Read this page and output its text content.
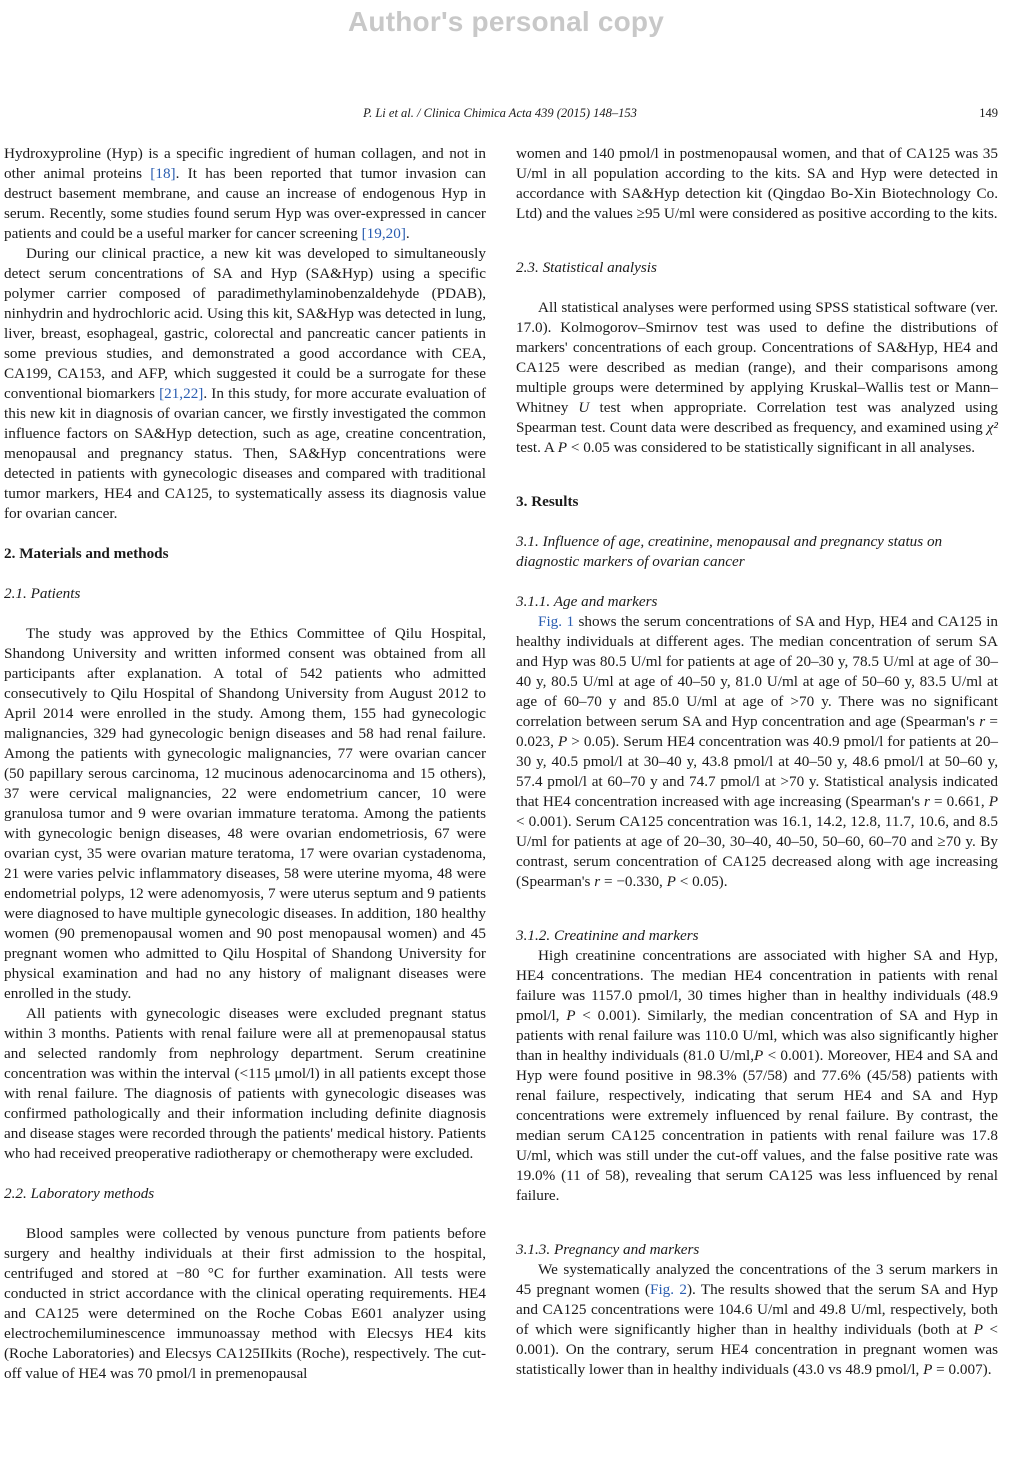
Author's personal copy
P. Li et al. / Clinica Chimica Acta 439 (2015) 148–153	149

Hydroxyproline (Hyp) is a specific ingredient of human collagen, and not in other animal proteins [18]. It has been reported that tumor invasion can destruct basement membrane, and cause an increase of endogenous Hyp in serum. Recently, some studies found serum Hyp was over-expressed in cancer patients and could be a useful marker for cancer screening [19,20].

During our clinical practice, a new kit was developed to simultaneously detect serum concentrations of SA and Hyp (SA&Hyp) using a specific polymer carrier composed of paradimethylaminobenzaldehyde (PDAB), ninhydrin and hydrochloric acid. Using this kit, SA&Hyp was detected in lung, liver, breast, esophageal, gastric, colorectal and pancreatic cancer patients in some previous studies, and demonstrated a good accordance with CEA, CA199, CA153, and AFP, which suggested it could be a surrogate for these conventional biomarkers [21,22]. In this study, for more accurate evaluation of this new kit in diagnosis of ovarian cancer, we firstly investigated the common influence factors on SA&Hyp detection, such as age, creatine concentration, menopausal and pregnancy status. Then, SA&Hyp concentrations were detected in patients with gynecologic diseases and compared with traditional tumor markers, HE4 and CA125, to systematically assess its diagnosis value for ovarian cancer.

2. Materials and methods
2.1. Patients

The study was approved by the Ethics Committee of Qilu Hospital, Shandong University and written informed consent was obtained from all participants after explanation. A total of 542 patients who admitted consecutively to Qilu Hospital of Shandong University from August 2012 to April 2014 were enrolled in the study. Among them, 155 had gynecologic malignancies, 329 had gynecologic benign diseases and 58 had renal failure. Among the patients with gynecologic malignancies, 77 were ovarian cancer (50 papillary serous carcinoma, 12 mucinous adenocarcinoma and 15 others), 37 were cervical malignancies, 22 were endometrium cancer, 10 were granulosa tumor and 9 were ovarian immature teratoma. Among the patients with gynecologic benign diseases, 48 were ovarian endometriosis, 67 were ovarian cyst, 35 were ovarian mature teratoma, 17 were ovarian cystadenoma, 21 were varies pelvic inflammatory diseases, 58 were uterine myoma, 48 were endometrial polyps, 12 were adenomyosis, 7 were uterus septum and 9 patients were diagnosed to have multiple gynecologic diseases. In addition, 180 healthy women (90 premenopausal women and 90 post menopausal women) and 45 pregnant women who admitted to Qilu Hospital of Shandong University for physical examination and had no any history of malignant diseases were enrolled in the study.

All patients with gynecologic diseases were excluded pregnant status within 3 months. Patients with renal failure were all at premenopausal status and selected randomly from nephrology department. Serum creatinine concentration was within the interval (<115 μmol/l) in all patients except those with renal failure. The diagnosis of patients with gynecologic diseases was confirmed pathologically and their information including definite diagnosis and disease stages were recorded through the patients' medical history. Patients who had received preoperative radiotherapy or chemotherapy were excluded.

2.2. Laboratory methods

Blood samples were collected by venous puncture from patients before surgery and healthy individuals at their first admission to the hospital, centrifuged and stored at −80 °C for further examination. All tests were conducted in strict accordance with the clinical operating requirements. HE4 and CA125 were determined on the Roche Cobas E601 analyzer using electrochemiluminescence immunoassay method with Elecsys HE4 kits (Roche Laboratories) and Elecsys CA125IIkits (Roche), respectively. The cut-off value of HE4 was 70 pmol/l in premenopausal

women and 140 pmol/l in postmenopausal women, and that of CA125 was 35 U/ml in all population according to the kits. SA and Hyp were detected in accordance with SA&Hyp detection kit (Qingdao Bo-Xin Biotechnology Co. Ltd) and the values ≥95 U/ml were considered as positive according to the kits.

2.3. Statistical analysis

All statistical analyses were performed using SPSS statistical software (ver. 17.0). Kolmogorov–Smirnov test was used to define the distributions of markers' concentrations of each group. Concentrations of SA&Hyp, HE4 and CA125 were described as median (range), and their comparisons among multiple groups were determined by applying Kruskal–Wallis test or Mann–Whitney U test when appropriate. Correlation test was analyzed using Spearman test. Count data were described as frequency, and examined using χ² test. A P < 0.05 was considered to be statistically significant in all analyses.

3. Results
3.1. Influence of age, creatinine, menopausal and pregnancy status on diagnostic markers of ovarian cancer
3.1.1. Age and markers

Fig. 1 shows the serum concentrations of SA and Hyp, HE4 and CA125 in healthy individuals at different ages. The median concentration of serum SA and Hyp was 80.5 U/ml for patients at age of 20–30 y, 78.5 U/ml at age of 30–40 y, 80.5 U/ml at age of 40–50 y, 81.0 U/ml at age of 50–60 y, 83.5 U/ml at age of 60–70 y and 85.0 U/ml at age of >70 y. There was no significant correlation between serum SA and Hyp concentration and age (Spearman's r = 0.023, P > 0.05). Serum HE4 concentration was 40.9 pmol/l for patients at 20–30 y, 40.5 pmol/l at 30–40 y, 43.8 pmol/l at 40–50 y, 48.6 pmol/l at 50–60 y, 57.4 pmol/l at 60–70 y and 74.7 pmol/l at >70 y. Statistical analysis indicated that HE4 concentration increased with age increasing (Spearman's r = 0.661, P < 0.001). Serum CA125 concentration was 16.1, 14.2, 12.8, 11.7, 10.6, and 8.5 U/ml for patients at age of 20–30, 30–40, 40–50, 50–60, 60–70 and ≥70 y. By contrast, serum concentration of CA125 decreased along with age increasing (Spearman's r = −0.330, P < 0.05).

3.1.2. Creatinine and markers

High creatinine concentrations are associated with higher SA and Hyp, HE4 concentrations. The median HE4 concentration in patients with renal failure was 1157.0 pmol/l, 30 times higher than in healthy individuals (48.9 pmol/l, P < 0.001). Similarly, the median concentration of SA and Hyp in patients with renal failure was 110.0 U/ml, which was also significantly higher than in healthy individuals (81.0 U/ml,P < 0.001). Moreover, HE4 and SA and Hyp were found positive in 98.3% (57/58) and 77.6% (45/58) patients with renal failure, respectively, indicating that serum HE4 and SA and Hyp concentrations were extremely influenced by renal failure. By contrast, the median serum CA125 concentration in patients with renal failure was 17.8 U/ml, which was still under the cut-off values, and the false positive rate was 19.0% (11 of 58), revealing that serum CA125 was less influenced by renal failure.

3.1.3. Pregnancy and markers

We systematically analyzed the concentrations of the 3 serum markers in 45 pregnant women (Fig. 2). The results showed that the serum SA and Hyp and CA125 concentrations were 104.6 U/ml and 49.8 U/ml, respectively, both of which were significantly higher than in healthy individuals (both at P < 0.001). On the contrary, serum HE4 concentration in pregnant women was statistically lower than in healthy individuals (43.0 vs 48.9 pmol/l, P = 0.007).
